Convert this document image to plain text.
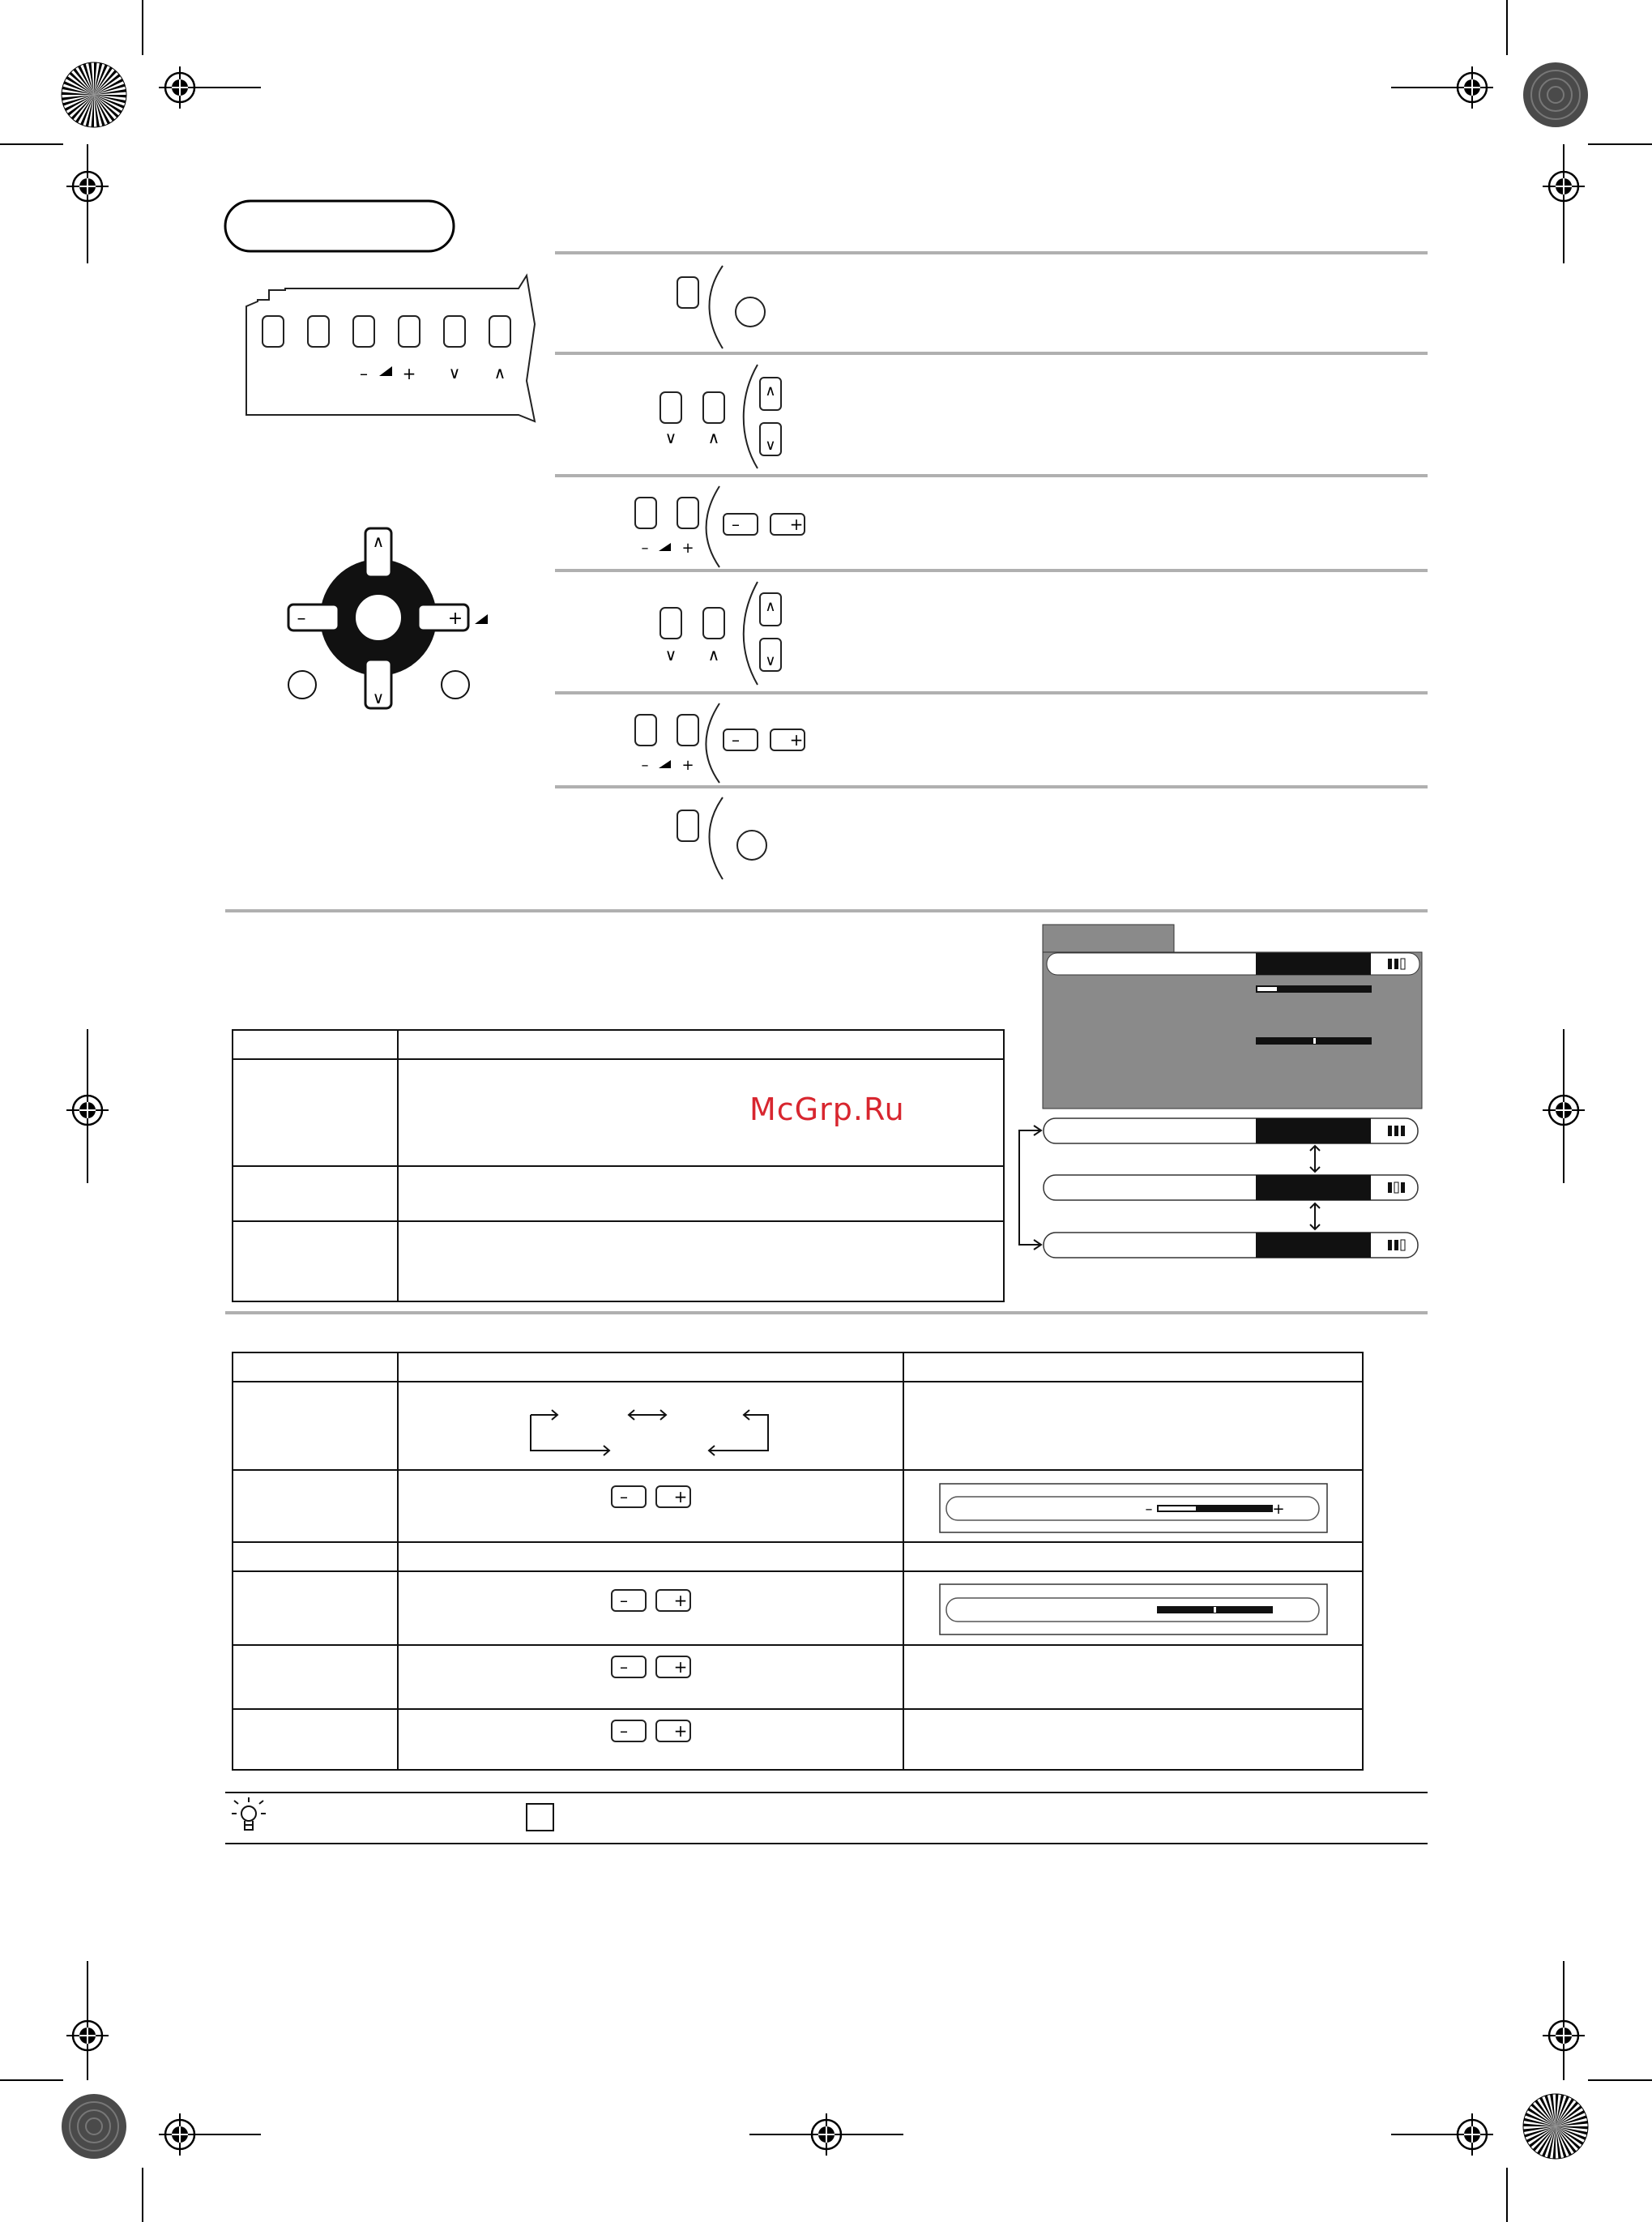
– + ∨ ∧
∧
∨
–	+
∨ ∧
∧
∨
– +
–	+
∨ ∧
∧
∨
– +
–	+
–	+
–	+
–	+
–	+
–	+
McGrp.Ru
